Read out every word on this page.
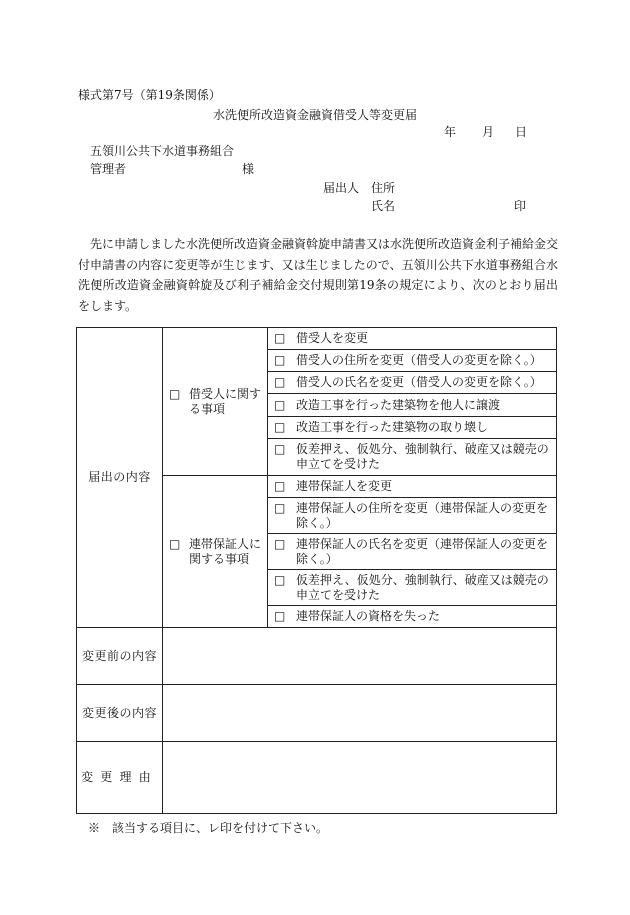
様式第7号（第19条関係）
水洗便所改造資金融資借受人等変更届
年 月 日
五領川公共下水道事務組合
管理者	様
届出人 住所
氏名	印
先に申請しました水洗便所改造資金融資斡旋申請書又は水洗便所改造資金利子補給金交付申請書の内容に変更等が生じます、又は生じましたので、五領川公共下水道事務組合水洗便所改造資金融資斡旋及び利子補給金交付規則第19条の規定により、次のとおり届出をします。
届出の内容	□ 借受人に関する事項	□ 借受人を変更

		□ 借受人の住所を変更（借受人の変更を除く。）

		□ 借受人の氏名を変更（借受人の変更を除く。）

		□ 改造工事を行った建築物を他人に譲渡

		□ 改造工事を行った建築物の取り壊し

		□ 仮差押え、仮処分、強制執行、破産又は競売の申立てを受けた

	□ 連帯保証人に関する事項	□ 連帯保証人を変更

		□ 連帯保証人の住所を変更（連帯保証人の変更を除く。）

		□ 連帯保証人の氏名を変更（連帯保証人の変更を除く。）

		□ 仮差押え、仮処分、強制執行、破産又は競売の申立てを受けた

		□ 連帯保証人の資格を失った

変更前の内容		
変更後の内容		
変更理由		
※　該当する項目に、レ印を付けて下さい。
